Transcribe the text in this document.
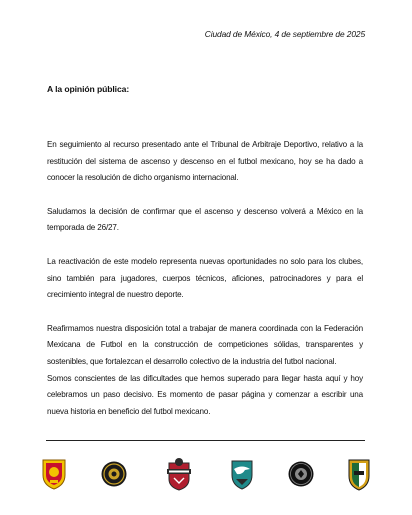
Ciudad de México, 4 de septiembre de 2025
A la opinión pública:

En seguimiento al recurso presentado ante el Tribunal de Arbitraje Deportivo, relativo a la restitución del sistema de ascenso y descenso en el futbol mexicano, hoy se ha dado a conocer la resolución de dicho organismo internacional.

Saludamos la decisión de confirmar que el ascenso y descenso volverá a México en la temporada de 26/27.

La reactivación de este modelo representa nuevas oportunidades no solo para los clubes, sino también para jugadores, cuerpos técnicos, aficiones, patrocinadores y para el crecimiento integral de nuestro deporte.

Reafirmamos nuestra disposición total a trabajar de manera coordinada con la Federación Mexicana de Futbol en la construcción de competiciones sólidas, transparentes y sostenibles, que fortalezcan el desarrollo colectivo de la industria del futbol nacional.

Somos conscientes de las dificultades que hemos superado para llegar hasta aquí y hoy celebramos un paso decisivo. Es momento de pasar página y comenzar a escribir una nueva historia en beneficio del futbol mexicano.
